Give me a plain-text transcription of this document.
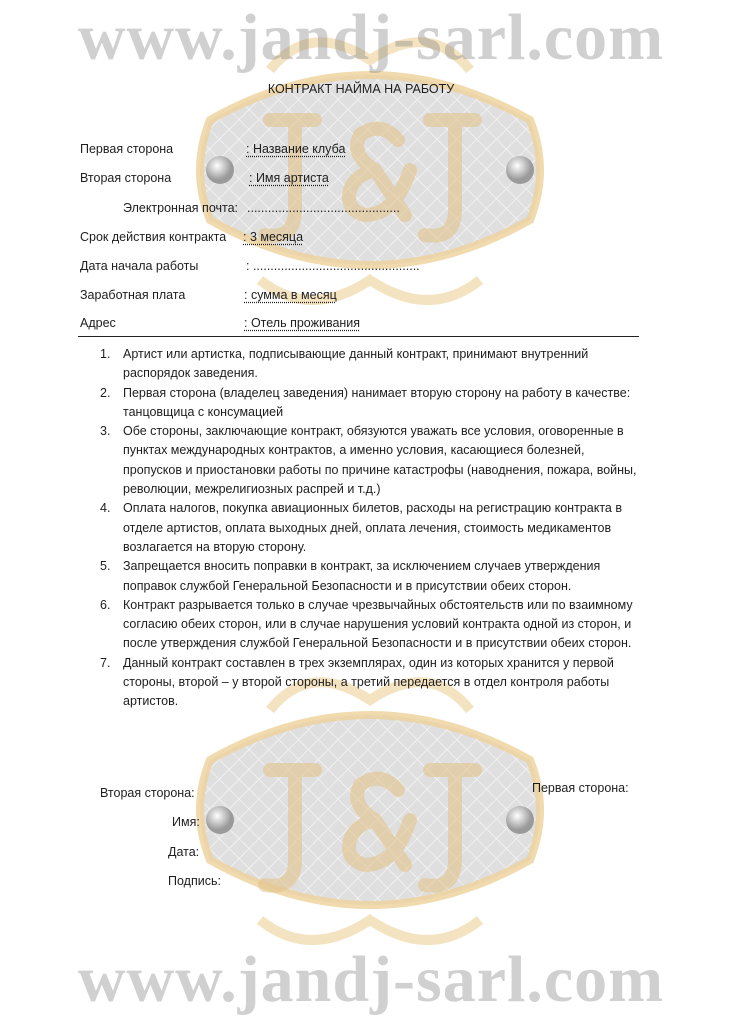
www.jandj-sarl.com
www.jandj-sarl.com
КОНТРАКТ НАЙМА НА РАБОТУ
Первая сторона	: Название клуба
Вторая сторона	: Имя артиста
Электронная почта: ............................................
Срок действия контракта : 3 месяца
Дата начала работы	: ................................................
Заработная плата	: сумма в месяц
Адрес	: Отель проживания
1. Артист или артистка, подписывающие данный контракт, принимают внутренний распорядок заведения.
2. Первая сторона (владелец заведения) нанимает вторую сторону на работу в качестве: танцовщица с консумацией
3. Обе стороны, заключающие контракт, обязуются уважать все условия, оговоренные в пунктах международных контрактов, а именно условия, касающиеся болезней, пропусков и приостановки работы по причине катастрофы (наводнения, пожара, войны, революции, межрелигиозных распрей и т.д.)
4. Оплата налогов, покупка авиационных билетов, расходы на регистрацию контракта в отделе артистов, оплата выходных дней, оплата лечения, стоимость медикаментов возлагается на вторую сторону.
5. Запрещается вносить поправки в контракт, за исключением случаев утверждения поправок службой Генеральной Безопасности и в присутствии обеих сторон.
6. Контракт разрывается только в случае чрезвычайных обстоятельств или по взаимному согласию обеих сторон, или в случае нарушения условий контракта одной из сторон, и после утверждения службой Генеральной Безопасности и в присутствии обеих сторон.
7. Данный контракт составлен в трех экземплярах, один из которых хранится у первой стороны, второй – у второй стороны, а третий передается в отдел контроля работы артистов.
Вторая сторона:	Первая сторона:
Имя:
Дата:
Подпись:
